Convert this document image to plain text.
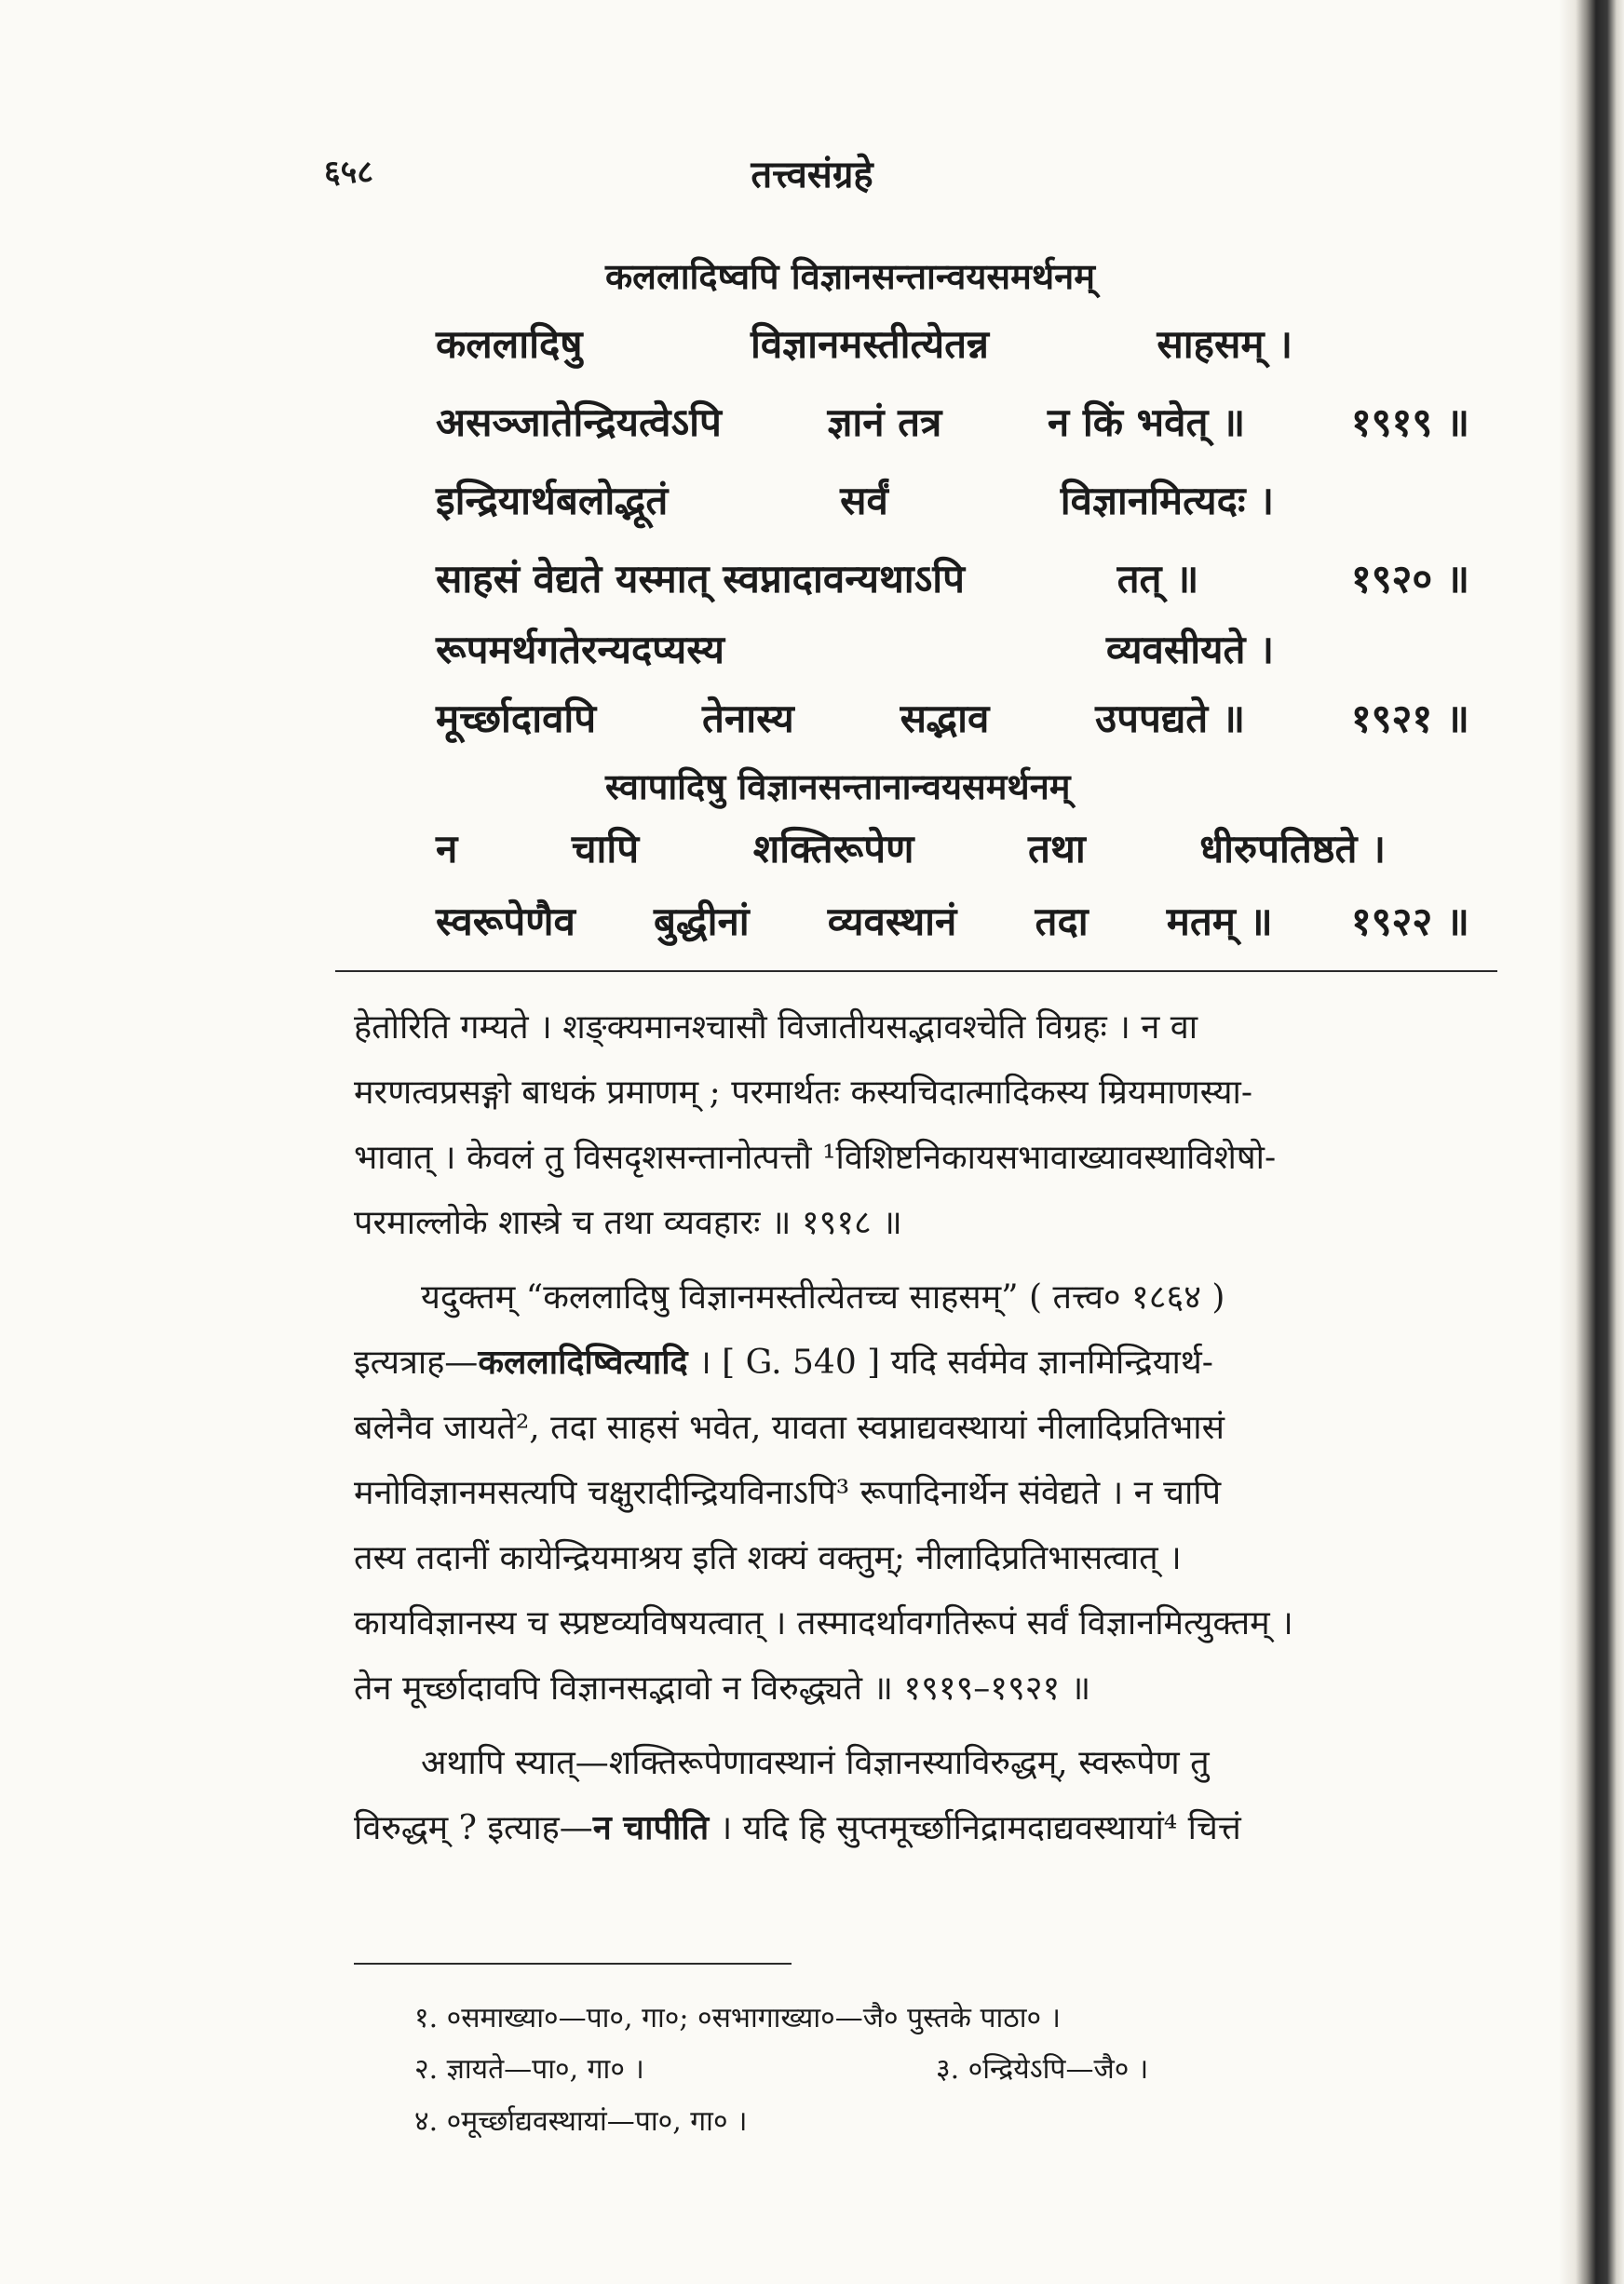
६५८	तत्त्वसंग्रहे
कललादिष्वपि विज्ञानसन्तान्वयसमर्थनम्
कललादिषु	विज्ञानमस्तीत्येतन्न	साहसम् ।
असञ्जातेन्द्रियत्वेऽपि	ज्ञानं तत्र	न किं भवेत् ॥	१९१९ ॥
इन्द्रियार्थबलोद्भूतं	सर्वं	विज्ञानमित्यदः ।
साहसं वेद्यते यस्मात् स्वप्नादावन्यथाऽपि	तत् ॥	१९२० ॥
रूपमर्थगतेरन्यदप्यस्य	व्यवसीयते ।
मूर्च्छादावपि	तेनास्य	सद्भाव	उपपद्यते ॥	१९२१ ॥
स्वापादिषु विज्ञानसन्तानान्वयसमर्थनम्
न	चापि	शक्तिरूपेण	तथा	धीरुपतिष्ठते ।
स्वरूपेणैव बुद्धीनां व्यवस्थानं तदा मतम् ॥ १९२२ ॥
हेतोरिति गम्यते । शङ्क्यमानश्चासौ विजातीयसद्भावश्चेति विग्रहः । न वा
मरणत्वप्रसङ्गो बाधकं प्रमाणम् ; परमार्थतः कस्यचिदात्मादिकस्य म्रियमाणस्या-
भावात् । केवलं तु विसदृशसन्तानोत्पत्तौ ¹विशिष्टनिकायसभावाख्यावस्थाविशेषो-
परमाल्लोके शास्त्रे च तथा व्यवहारः ॥ १९१८ ॥
यदुक्तम् “कललादिषु विज्ञानमस्तीत्येतच्च साहसम्” ( तत्त्व० १८६४ )
इत्यत्राह—कललादिष्वित्यादि । [ G. 540 ] यदि सर्वमेव ज्ञानमिन्द्रियार्थ-
बलेनैव जायते², तदा साहसं भवेत, यावता स्वप्नाद्यवस्थायां नीलादिप्रतिभासं
मनोविज्ञानमसत्यपि चक्षुरादीन्द्रियविनाऽपि³ रूपादिनार्थेन संवेद्यते । न चापि
तस्य तदानीं कायेन्द्रियमाश्रय इति शक्यं वक्तुम्; नीलादिप्रतिभासत्वात् ।
कायविज्ञानस्य च स्प्रष्टव्यविषयत्वात् । तस्मादर्थावगतिरूपं सर्वं विज्ञानमित्युक्तम् ।
तेन मूर्च्छादावपि विज्ञानसद्भावो न विरुद्ध्यते ॥ १९१९–१९२१ ॥
अथापि स्यात्—शक्तिरूपेणावस्थानं विज्ञानस्याविरुद्धम्, स्वरूपेण तु
विरुद्धम् ? इत्याह—न चापीति । यदि हि सुप्तमूर्च्छानिद्रामदाद्यवस्थायां⁴ चित्तं
१. ०समाख्या०—पा०, गा०; ०सभागाख्या०—जै० पुस्तके पाठा० ।
२. ज्ञायते—पा०, गा० ।	३. ०न्द्रियेऽपि—जै० ।
४. ०मूर्च्छाद्यवस्थायां—पा०, गा० ।
